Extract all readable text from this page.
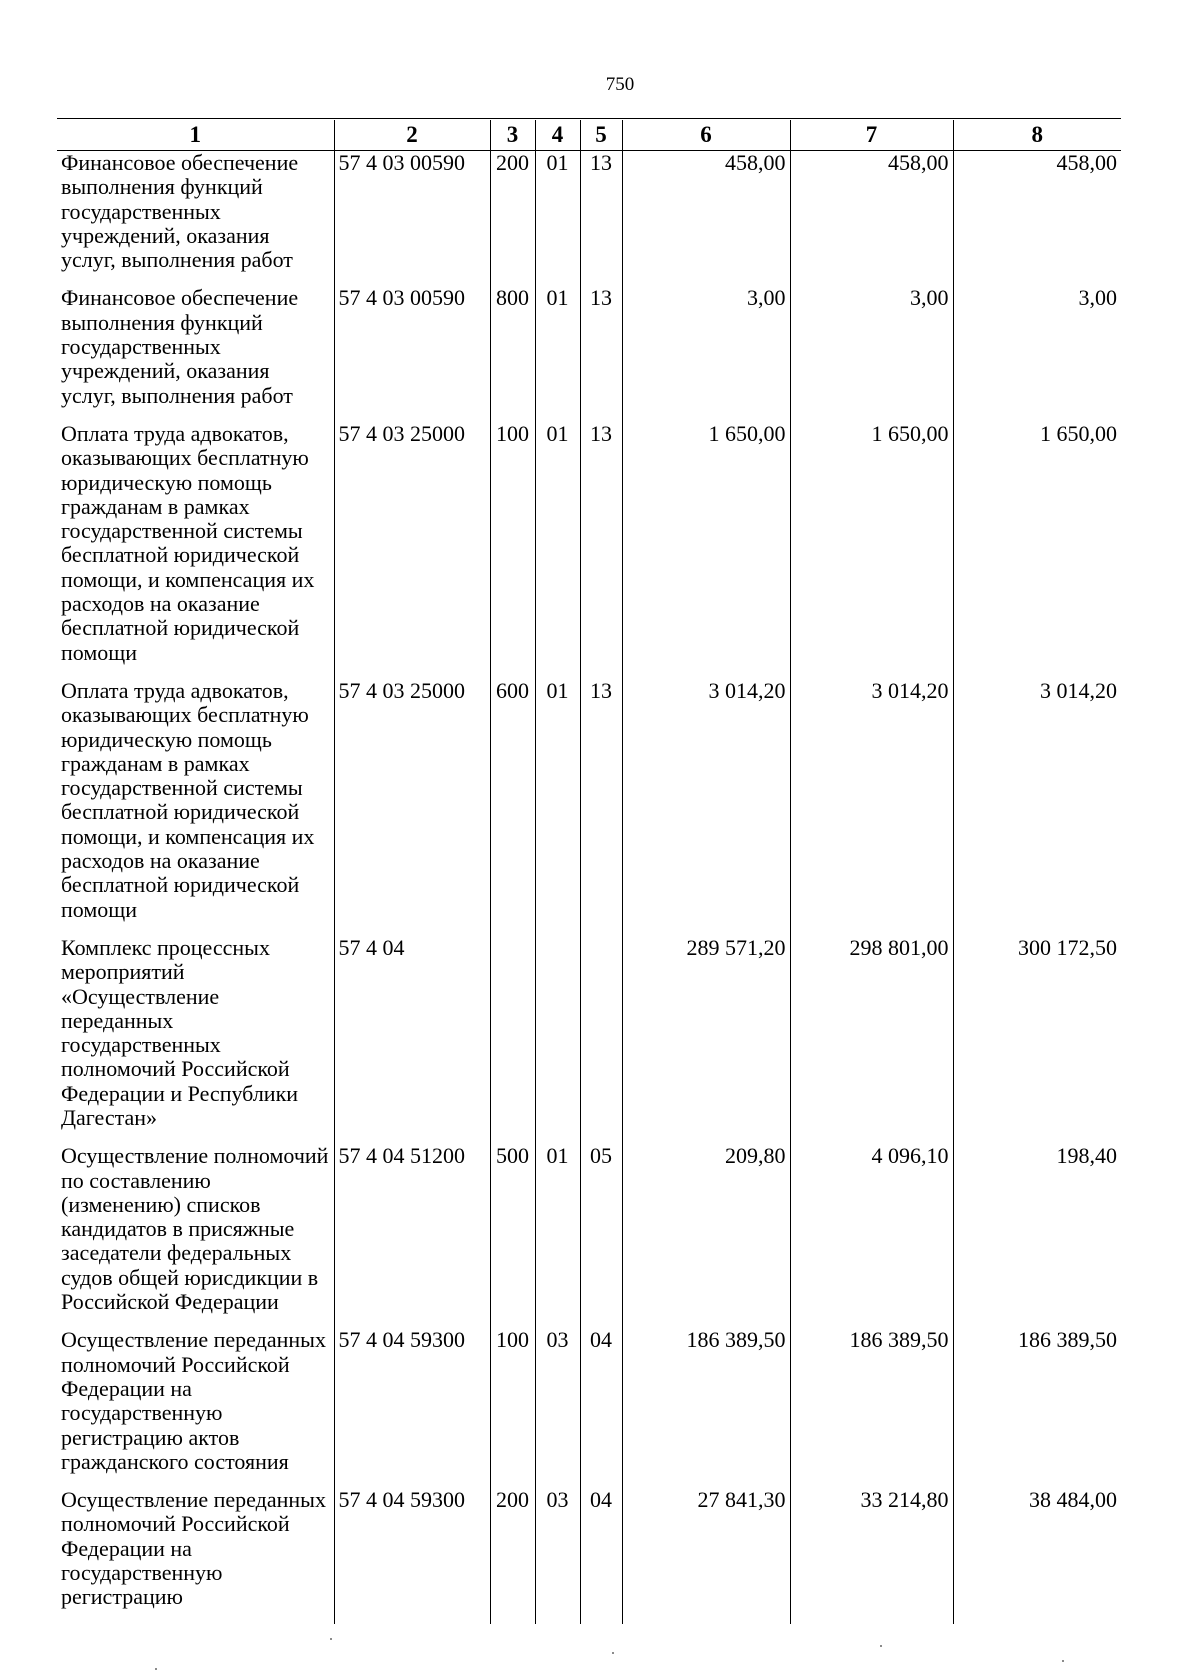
750
1	2	3	4	5	6	7	8
Финансовое обеспечение выполнения функций государственных учреждений, оказания услуг, выполнения работ	57 4 03 00590	200	01	13	458,00	458,00	458,00
Финансовое обеспечение выполнения функций государственных учреждений, оказания услуг, выполнения работ	57 4 03 00590	800	01	13	3,00	3,00	3,00
Оплата труда адвокатов, оказывающих бесплатную юридическую помощь гражданам в рамках государственной системы бесплатной юридической помощи, и компенсация их расходов на оказание бесплатной юридической помощи	57 4 03 25000	100	01	13	1 650,00	1 650,00	1 650,00
Оплата труда адвокатов, оказывающих бесплатную юридическую помощь гражданам в рамках государственной системы бесплатной юридической помощи, и компенсация их расходов на оказание бесплатной юридической помощи	57 4 03 25000	600	01	13	3 014,20	3 014,20	3 014,20
Комплекс процессных мероприятий «Осуществление переданных государственных полномочий Российской Федерации и Республики Дагестан»	57 4 04				289 571,20	298 801,00	300 172,50
Осуществление полномочий по составлению (изменению) списков кандидатов в присяжные заседатели федеральных судов общей юрисдикции в Российской Федерации	57 4 04 51200	500	01	05	209,80	4 096,10	198,40
Осуществление переданных полномочий Российской Федерации на государственную регистрацию актов гражданского состояния	57 4 04 59300	100	03	04	186 389,50	186 389,50	186 389,50
Осуществление переданных полномочий Российской Федерации на государственную регистрацию	57 4 04 59300	200	03	04	27 841,30	33 214,80	38 484,00
